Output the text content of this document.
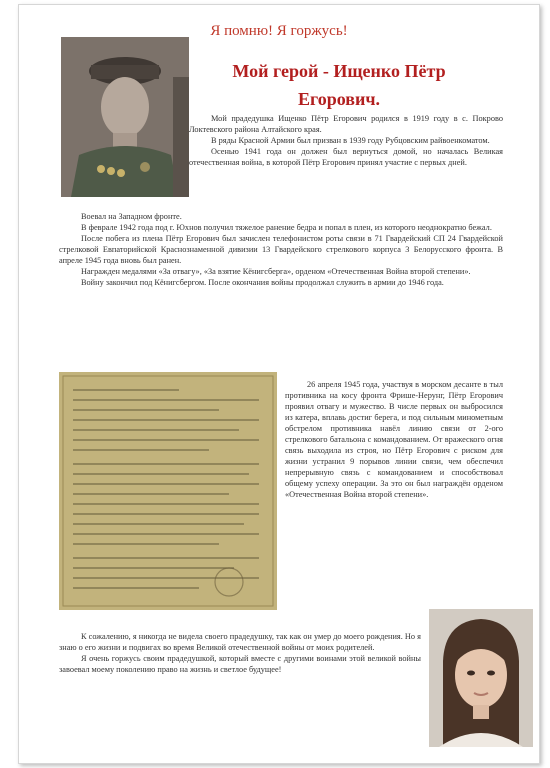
Я помню! Я горжусь!
Мой герой - Ищенко Пётр
Егорович.

Мой прадедушка Ищенко Пётр Егорович родился в 1919 году в с. Покрово Локтевского района Алтайского края.

В ряды Красной Армии был призван в 1939 году Рубцовским райвоенкоматом.

Осенью 1941 года он должен был вернуться домой, но началась Великая отечественная война, в которой Пётр Егорович принял участие с первых дней.

Воевал на Западном фронте.

В феврале 1942 года под г. Юхнов получил тяжелое ранение бедра и попал в плен, из которого неоднократно бежал.

После побега из плена Пётр Егорович был зачислен телефонистом роты связи в 71 Гвардейский СП 24 Гвардейской стрелковой Евпаторийской Краснознаменной дивизии 13 Гвардейского стрелкового корпуса 3 Белорусского фронта. В апреле 1945 года вновь был ранен.

Награжден медалями «За отвагу», «За взятие Кёнигсберга», орденом «Отечественная Война второй степени».

Войну закончил под Кёнигсбергом. После окончания войны продолжал служить в армии до 1946 года.

26 апреля 1945 года, участвуя в морском десанте в тыл противника на косу фронта Фрише-Нерунг, Пётр Егорович проявил отвагу и мужество. В числе первых он выбросился из катера, вплавь достиг берега, и под сильным минометным обстрелом противника навёл линию связи от 2-ого стрелкового батальона с командованием. От вражеского огня связь выходила из строя, но Пётр Егорович с риском для жизни устранил 9 порывов линии связи, чем обеспечил непрерывную связь с командованием и способствовал общему успеху операции. За это он был награждён орденом «Отечественная Война второй степени».

К сожалению, я никогда не видела своего прадедушку, так как он умер до моего рождения. Но я знаю о его жизни и подвигах во время Великой отечественной войны от моих родителей.

Я очень горжусь своим прадедушкой, который вместе с другими воинами этой великой войны завоевал моему поколению право на жизнь и светлое будущее!
